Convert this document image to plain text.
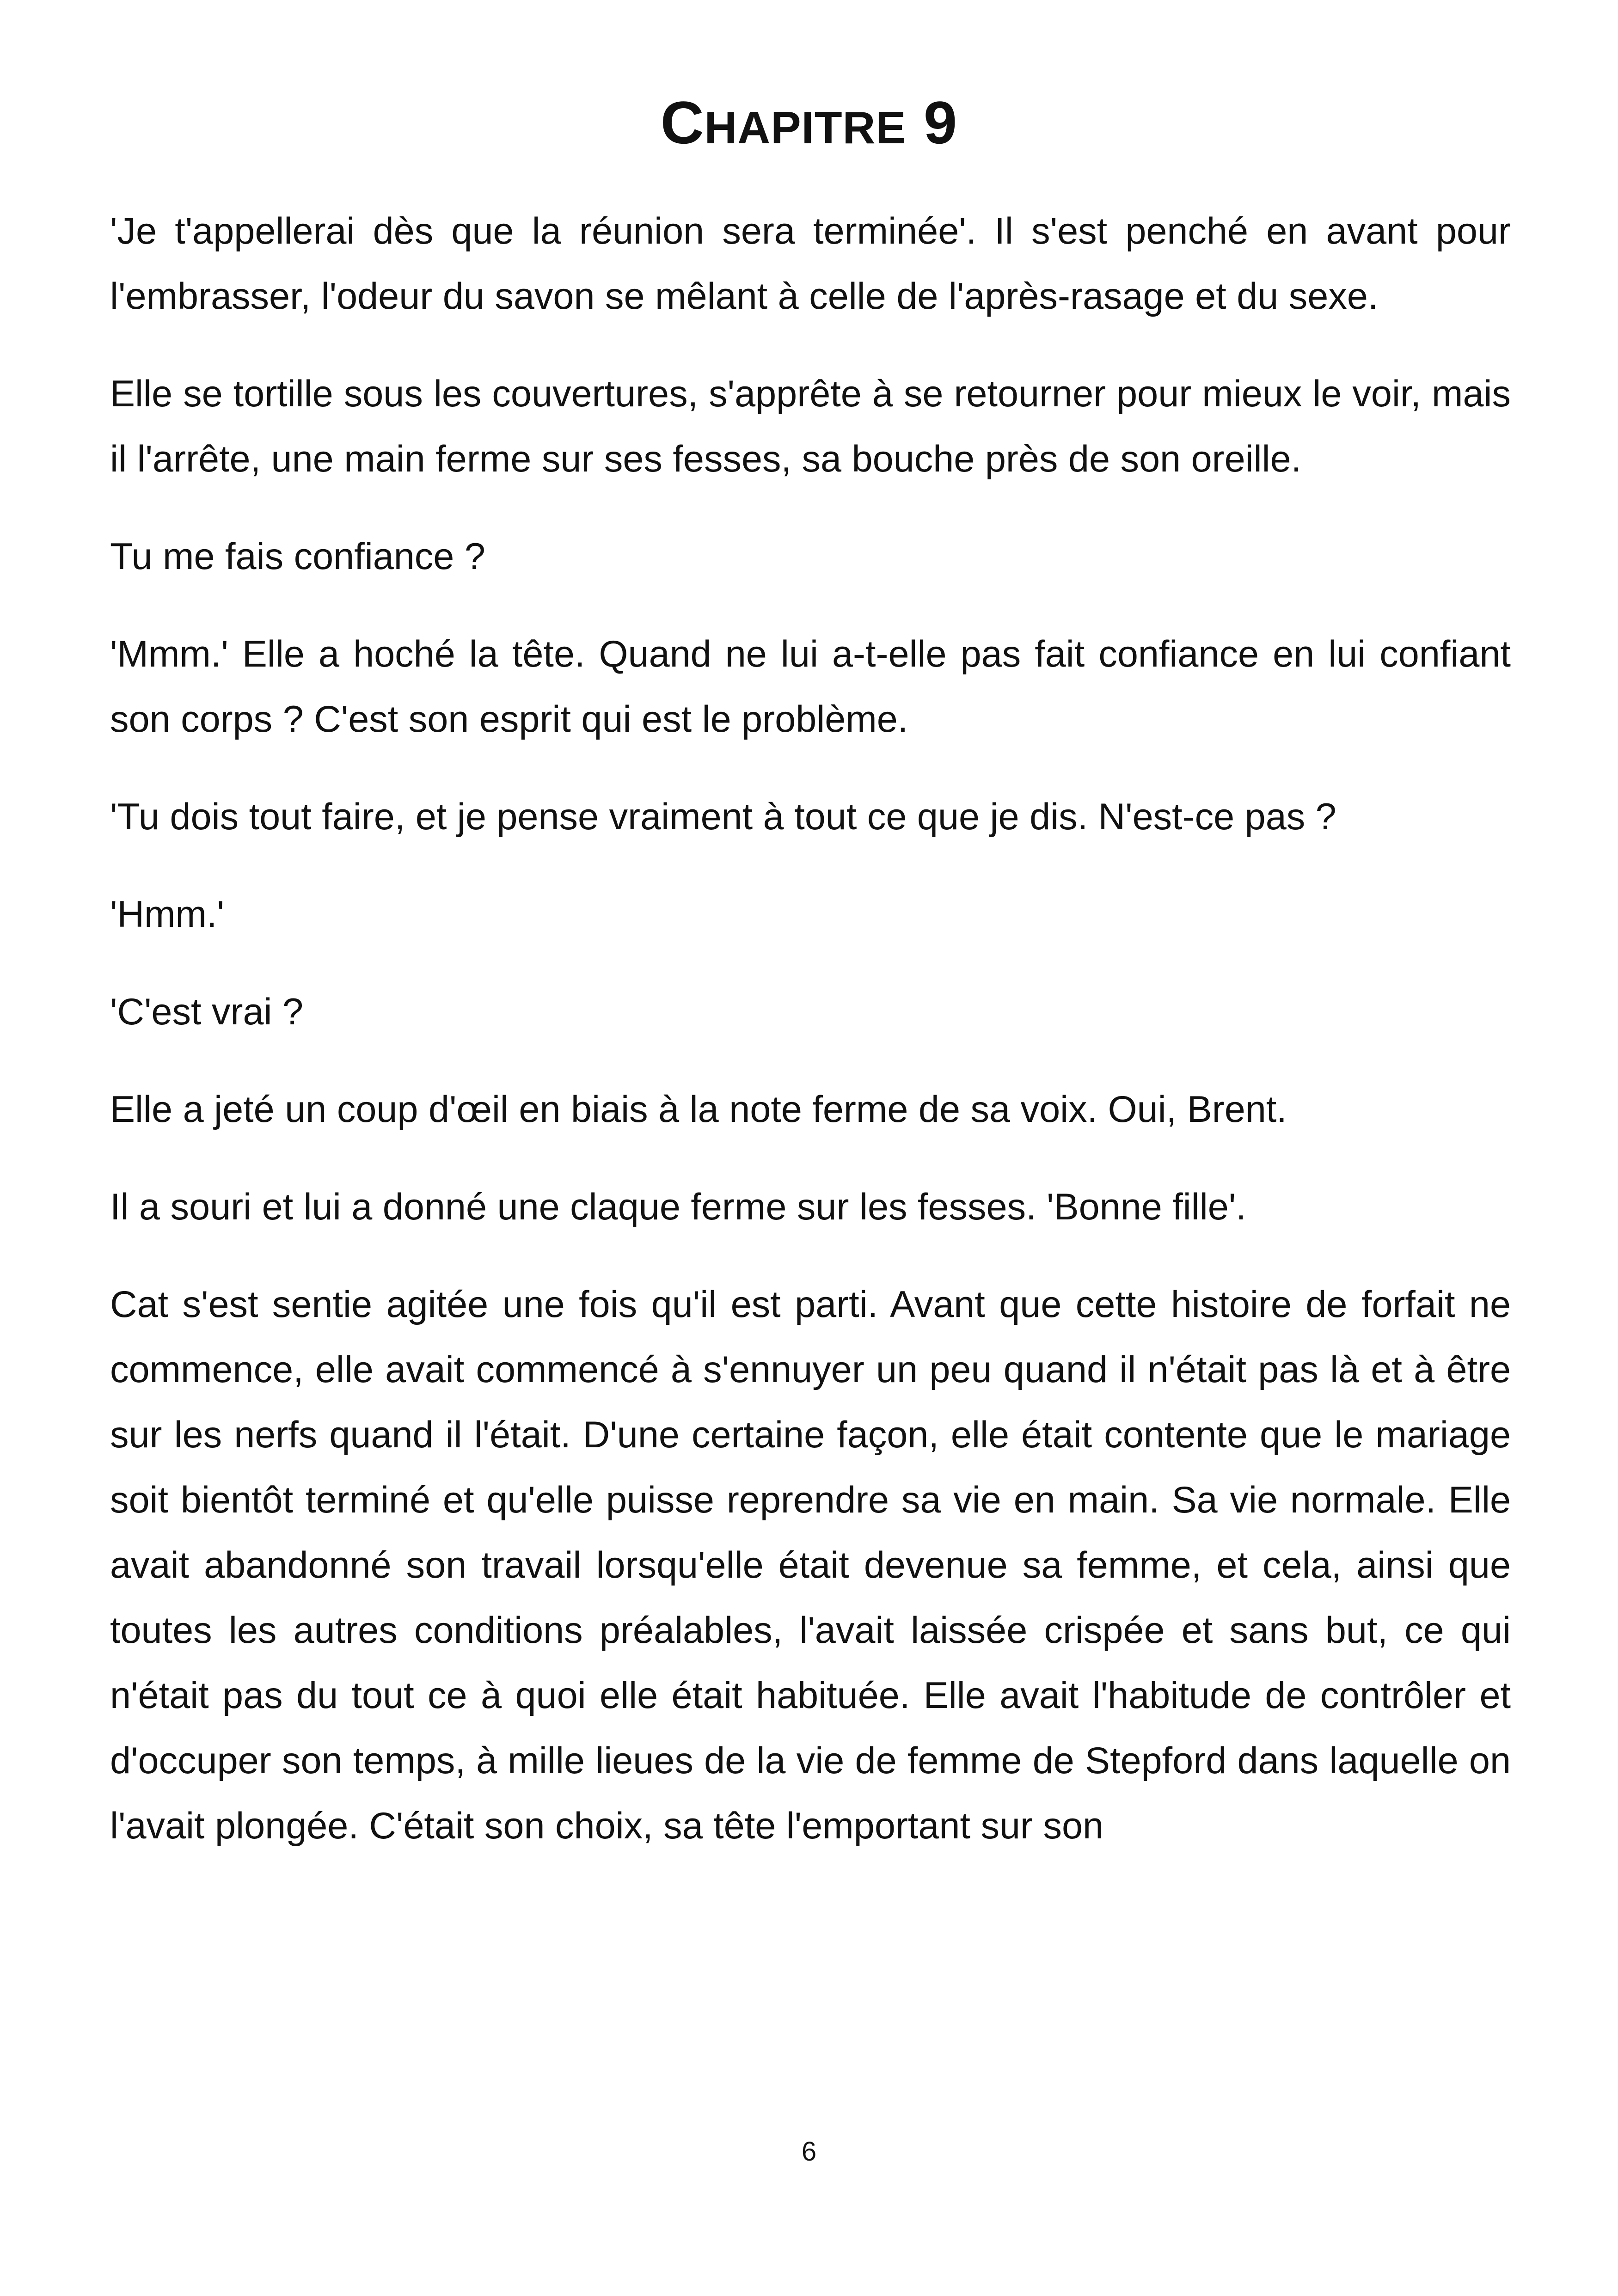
CHAPITRE 9

'Je t'appellerai dès que la réunion sera terminée'. Il s'est penché en avant pour l'embrasser, l'odeur du savon se mêlant à celle de l'après-rasage et du sexe.

Elle se tortille sous les couvertures, s'apprête à se retourner pour mieux le voir, mais il l'arrête, une main ferme sur ses fesses, sa bouche près de son oreille.

Tu me fais confiance ?

'Mmm.' Elle a hoché la tête. Quand ne lui a-t-elle pas fait confiance en lui confiant son corps ? C'est son esprit qui est le problème.

'Tu dois tout faire, et je pense vraiment à tout ce que je dis. N'est-ce pas ?

'Hmm.'

'C'est vrai ?

Elle a jeté un coup d'œil en biais à la note ferme de sa voix. Oui, Brent.

Il a souri et lui a donné une claque ferme sur les fesses. 'Bonne fille'.

Cat s'est sentie agitée une fois qu'il est parti. Avant que cette histoire de forfait ne commence, elle avait commencé à s'ennuyer un peu quand il n'était pas là et à être sur les nerfs quand il l'était. D'une certaine façon, elle était contente que le mariage soit bientôt terminé et qu'elle puisse reprendre sa vie en main. Sa vie normale. Elle avait abandonné son travail lorsqu'elle était devenue sa femme, et cela, ainsi que toutes les autres conditions préalables, l'avait laissée crispée et sans but, ce qui n'était pas du tout ce à quoi elle était habituée. Elle avait l'habitude de contrôler et d'occuper son temps, à mille lieues de la vie de femme de Stepford dans laquelle on l'avait plongée. C'était son choix, sa tête l'emportant sur son

6
